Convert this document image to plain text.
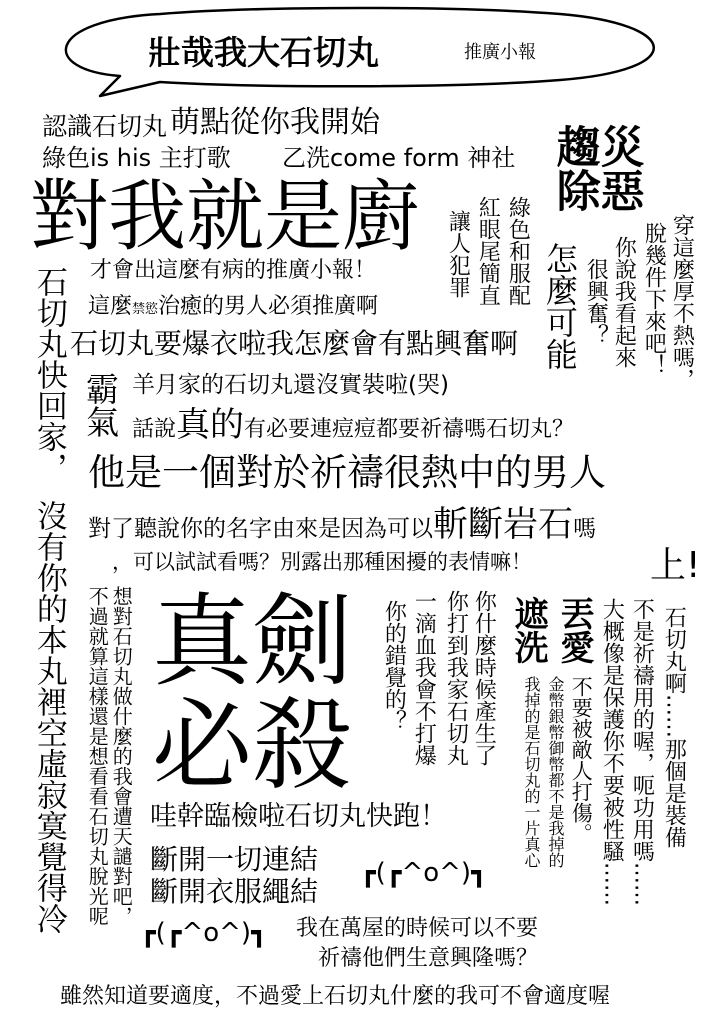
壯哉我大石切丸	推廣小報
認識石切丸 萌點從你我開始
綠色is his 主打歌 乙洗come form 神社
對我就是廚
才會出這麼有病的推廣小報！
這麼禁慾治癒的男人必須推廣啊
石切丸要爆衣啦我怎麼會有點興奮啊
羊月家的石切丸還沒實裝啦(哭)
話說真的有必要連痘痘都要祈禱嗎石切丸？
他是一個對於祈禱很熱中的男人
對了聽說你的名字由來是因為可以斬斷岩石嗎
，可以試試看嗎？別露出那種困擾的表情嘛！	上!
真劍
必殺
哇幹臨檢啦石切丸快跑！
斷開一切連結
斷開衣服繩結
┏(┏^o^)┓
┏(┏^o^)┓ 我在萬屋的時候可以不要
祈禱他們生意興隆嗎？
雖然知道要適度，不過愛上石切丸什麼的我可不會適度喔
災惡
趨除
綠色和服配
紅眼尾簡直
讓人犯罪 怎麼可能 很興奮？ 你說我看起來 穿這麼厚不熱嗎，
脫幾件下來吧！
石切丸快回家，
沒有你的本丸裡空虛寂寞覺得冷
霸氣
想對石切丸做什麼的我會遭天譴對吧，
不過就算這樣還是想看看石切丸脫光呢	你什麼時候產生了
你打到我家石切丸
一滴血我會不打爆
你的錯覺的？	遮洗 丟愛
金幣銀幣御幣都不是我掉的
我掉的是石切丸的一片真心 不要被敵人打傷。 大概像是保護你不要被性騷…… 不是祈禱用的喔，呃功用嗎…… 石切丸啊……那個是裝備
